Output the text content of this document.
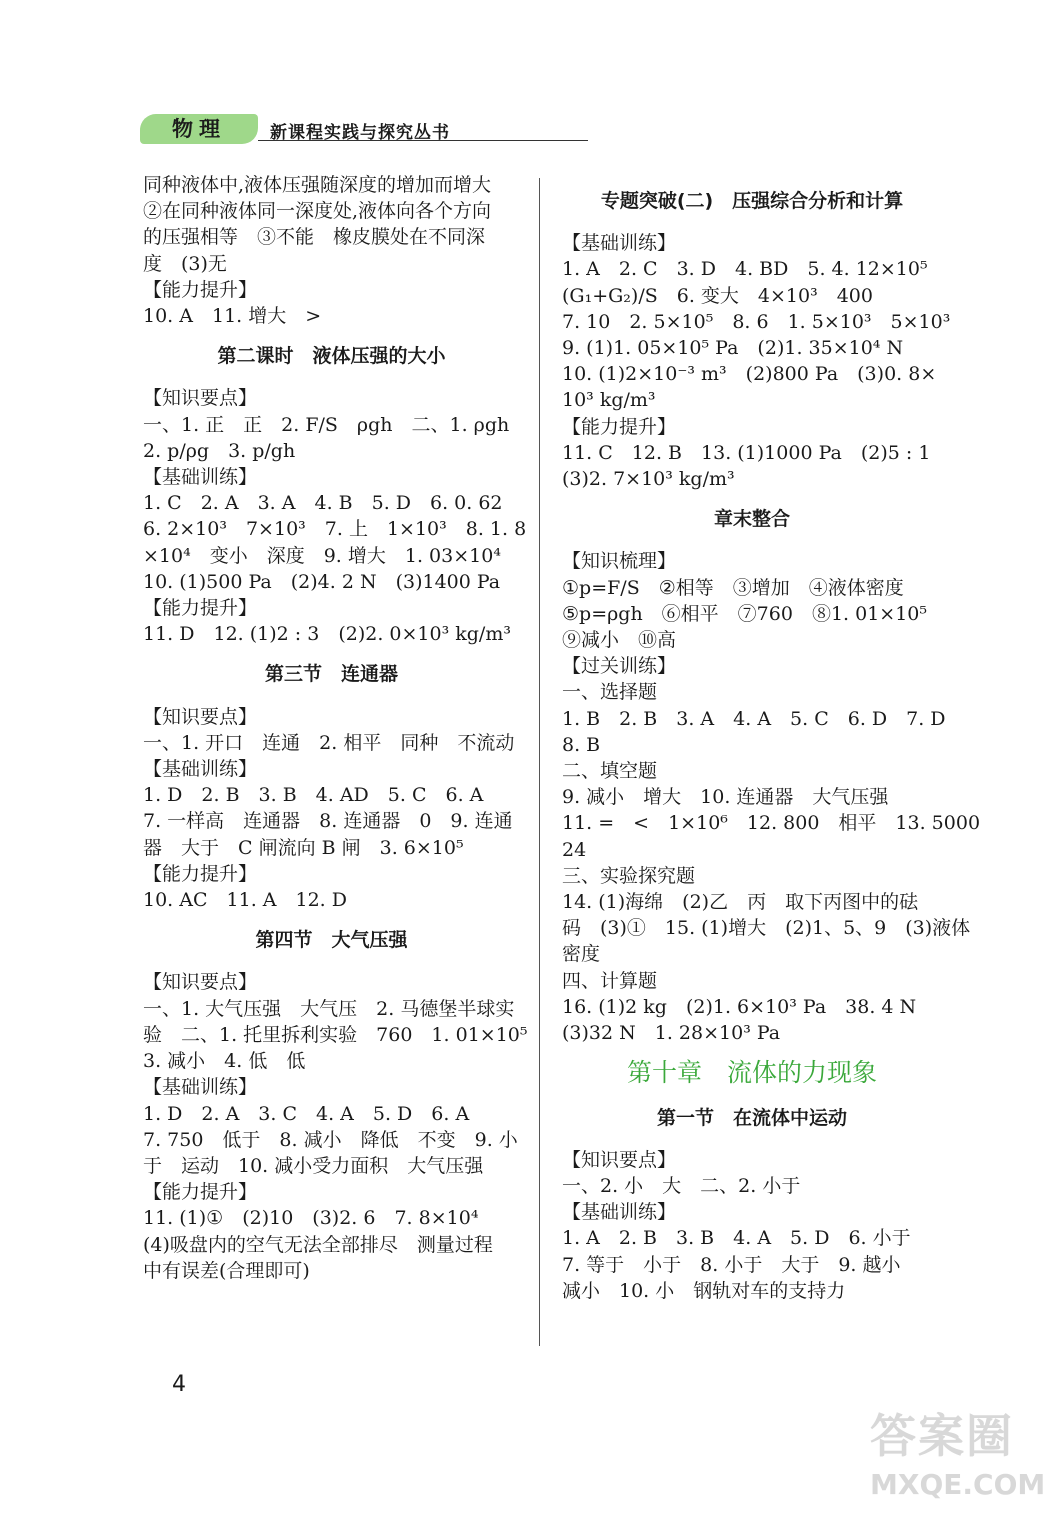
物理	新课程实践与探究丛书
同种液体中,液体压强随深度的增加而增大
②在同种液体同一深度处,液体向各个方向
的压强相等　③不能　橡皮膜处在不同深
度　(3)无
【能力提升】
10. A　11. 增大　>
第二课时　液体压强的大小
【知识要点】
一、1. 正　正　2. F/S　ρgh　二、1. ρgh
2. p/ρg　3. p/gh
【基础训练】
1. C　2. A　3. A　4. B　5. D　6. 0. 62
6. 2×10³　7×10³　7. 上　1×10³　8. 1. 8
×10⁴　变小　深度　9. 增大　1. 03×10⁴
10. (1)500 Pa　(2)4. 2 N　(3)1400 Pa
【能力提升】
11. D　12. (1)2 : 3　(2)2. 0×10³ kg/m³
第三节　连通器
【知识要点】
一、1. 开口　连通　2. 相平　同种　不流动
【基础训练】
1. D　2. B　3. B　4. AD　5. C　6. A
7. 一样高　连通器　8. 连通器　0　9. 连通
器　大于　C 闸流向 B 闸　3. 6×10⁵
【能力提升】
10. AC　11. A　12. D
第四节　大气压强
【知识要点】
一、1. 大气压强　大气压　2. 马德堡半球实
验　二、1. 托里拆利实验　760　1. 01×10⁵
3. 减小　4. 低　低
【基础训练】
1. D　2. A　3. C　4. A　5. D　6. A
7. 750　低于　8. 减小　降低　不变　9. 小
于　运动　10. 减小受力面积　大气压强
【能力提升】
11. (1)①　(2)10　(3)2. 6　7. 8×10⁴
(4)吸盘内的空气无法全部排尽　测量过程
中有误差(合理即可)
专题突破(二)　压强综合分析和计算
【基础训练】
1. A　2. C　3. D　4. BD　5. 4. 12×10⁵
(G₁+G₂)/S　6. 变大　4×10³　400
7. 10　2. 5×10⁵　8. 6　1. 5×10³　5×10³
9. (1)1. 05×10⁵ Pa　(2)1. 35×10⁴ N
10. (1)2×10⁻³ m³　(2)800 Pa　(3)0. 8×
10³ kg/m³
【能力提升】
11. C　12. B　13. (1)1000 Pa　(2)5 : 1
(3)2. 7×10³ kg/m³
章末整合
【知识梳理】
①p=F/S　②相等　③增加　④液体密度
⑤p=ρgh　⑥相平　⑦760　⑧1. 01×10⁵
⑨减小　⑩高
【过关训练】
一、选择题
1. B　2. B　3. A　4. A　5. C　6. D　7. D
8. B
二、填空题
9. 减小　增大　10. 连通器　大气压强
11. =　<　1×10⁶　12. 800　相平　13. 5000
24
三、实验探究题
14. (1)海绵　(2)乙　丙　取下丙图中的砝
码　(3)①　15. (1)增大　(2)1、5、9　(3)液体
密度
四、计算题
16. (1)2 kg　(2)1. 6×10³ Pa　38. 4 N
(3)32 N　1. 28×10³ Pa
第十章　流体的力现象
第一节　在流体中运动
【知识要点】
一、2. 小　大　二、2. 小于
【基础训练】
1. A　2. B　3. B　4. A　5. D　6. 小于
7. 等于　小于　8. 小于　大于　9. 越小
减小　10. 小　钢轨对车的支持力
4
答案圈
MXQE.COM
